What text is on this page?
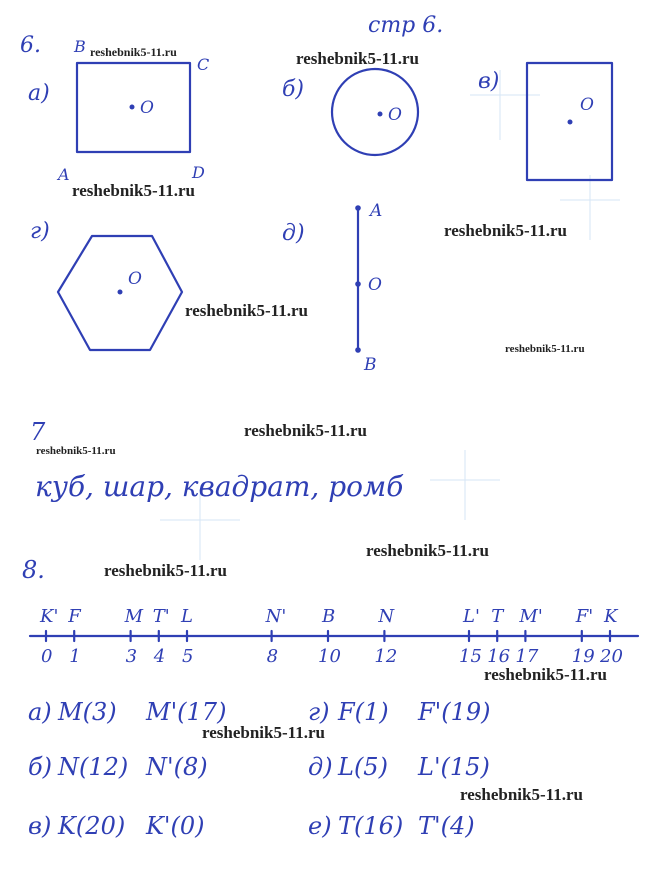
стр 6.
reshebnik5-11.ru	reshebnik5-11.ru
reshebnik5-11.ru
reshebnik5-11.ru
reshebnik5-11.ru
reshebnik5-11.ru
reshebnik5-11.ru
reshebnik5-11.ru
reshebnik5-11.ru
reshebnik5-11.ru
reshebnik5-11.ru
reshebnik5-11.ru
reshebnik5-11.ru
6.
а)
B
C
A	D
O
б)
O
в)
O
г)
O
д)
A
O
B
7
куб, шар, квадрат, ромб
8.
K'
0
F
1
M
3
T'
4
L
5
N'
8
B
10
N
12
L'
15
T
16
M'
17
F'
19
K
20
а) M(3) M'(17)	г) F(1) F'(19)
б) N(12) N'(8)	д) L(5) L'(15)
в) K(20) K'(0)	е) T(16) T'(4)
